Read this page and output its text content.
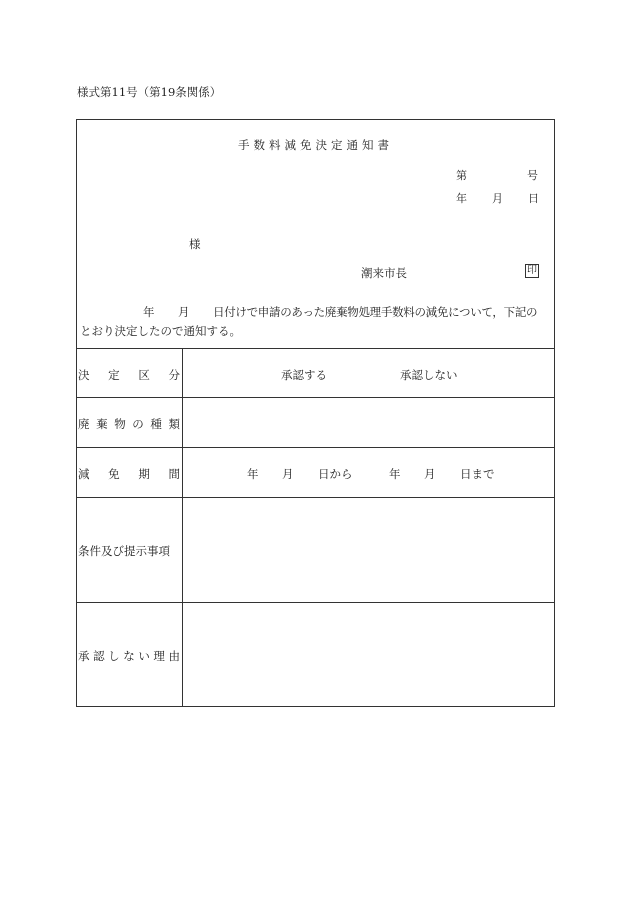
様式第11号（第19条関係）
手数料減免決定通知書
第	号
年 月 日
様
潮来市長	印
年 月 日付けで申請のあった廃棄物処理手数料の減免について，下記の
とおり決定したので通知する。
決定区分	承認する	承認しない
廃棄物の種類
減免期間	年 月 日から	年 月 日まで
条件及び提示事項
承認しない理由
